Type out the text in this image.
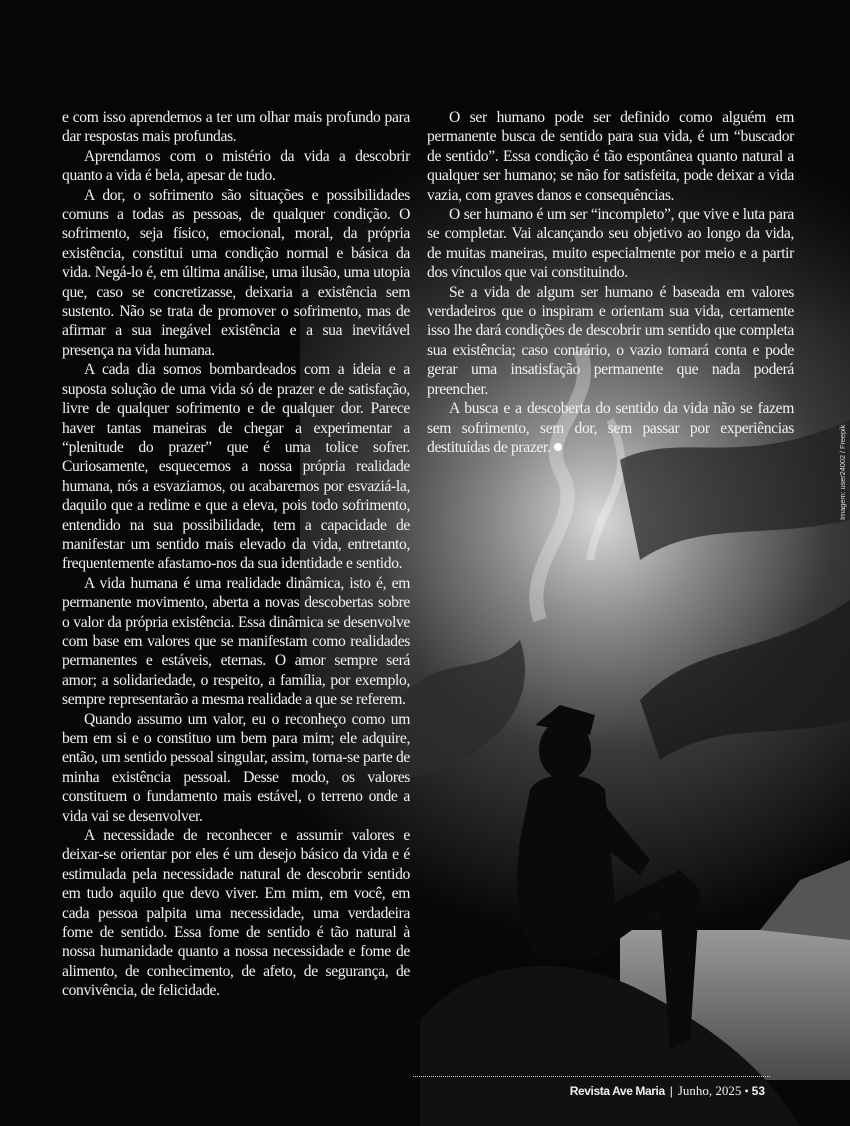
e com isso aprendemos a ter um olhar mais profundo para dar respostas mais profundas.

Aprendamos com o mistério da vida a descobrir quanto a vida é bela, apesar de tudo.

A dor, o sofrimento são situações e possibilidades comuns a todas as pessoas, de qualquer condição. O sofrimento, seja físico, emocional, moral, da própria existência, constitui uma condição normal e básica da vida. Negá-lo é, em última análise, uma ilusão, uma utopia que, caso se concretizasse, deixaria a existência sem sustento. Não se trata de promover o sofrimento, mas de afirmar a sua inegável existência e a sua inevitável presença na vida humana.

A cada dia somos bombardeados com a ideia e a suposta solução de uma vida só de prazer e de satisfação, livre de qualquer sofrimento e de qualquer dor. Parece haver tantas maneiras de chegar a experimentar a “plenitude do prazer” que é uma tolice sofrer. Curiosamente, esquecemos a nossa própria realidade humana, nós a esvaziamos, ou acabaremos por esvaziá-la, daquilo que a redime e que a eleva, pois todo sofrimento, entendido na sua possibilidade, tem a capacidade de manifestar um sentido mais elevado da vida, entretanto, frequentemente afastamo-nos da sua identidade e sentido.

A vida humana é uma realidade dinâmica, isto é, em permanente movimento, aberta a novas descobertas sobre o valor da própria existência. Essa dinâmica se desenvolve com base em valores que se manifestam como realidades permanentes e estáveis, eternas. O amor sempre será amor; a solidariedade, o respeito, a família, por exemplo, sempre representarão a mesma realidade a que se referem.

Quando assumo um valor, eu o reconheço como um bem em si e o constituo um bem para mim; ele adquire, então, um sentido pessoal singular, assim, torna-se parte de minha existência pessoal. Desse modo, os valores constituem o fundamento mais estável, o terreno onde a vida vai se desenvolver.

A necessidade de reconhecer e assumir valores e deixar-se orientar por eles é um desejo básico da vida e é estimulada pela necessidade natural de descobrir sentido em tudo aquilo que devo viver. Em mim, em você, em cada pessoa palpita uma necessidade, uma verdadeira fome de sentido. Essa fome de sentido é tão natural à nossa humanidade quanto a nossa necessidade e fome de alimento, de conhecimento, de afeto, de segurança, de convivência, de felicidade.

O ser humano pode ser definido como alguém em permanente busca de sentido para sua vida, é um “buscador de sentido”. Essa condição é tão espontânea quanto natural a qualquer ser humano; se não for satisfeita, pode deixar a vida vazia, com graves danos e consequências.

O ser humano é um ser “incompleto”, que vive e luta para se completar. Vai alcançando seu objetivo ao longo da vida, de muitas maneiras, muito especialmente por meio e a partir dos vínculos que vai constituindo.

Se a vida de algum ser humano é baseada em valores verdadeiros que o inspiram e orientam sua vida, certamente isso lhe dará condições de descobrir um sentido que completa sua existência; caso contrário, o vazio tomará conta e pode gerar uma insatisfação permanente que nada poderá preencher.

A busca e a descoberta do sentido da vida não se fazem sem sofrimento, sem dor, sem passar por experiências destituídas de prazer.	Imagem: user24002 / Freepik
Revista Ave Maria | Junho, 2025 • 53
